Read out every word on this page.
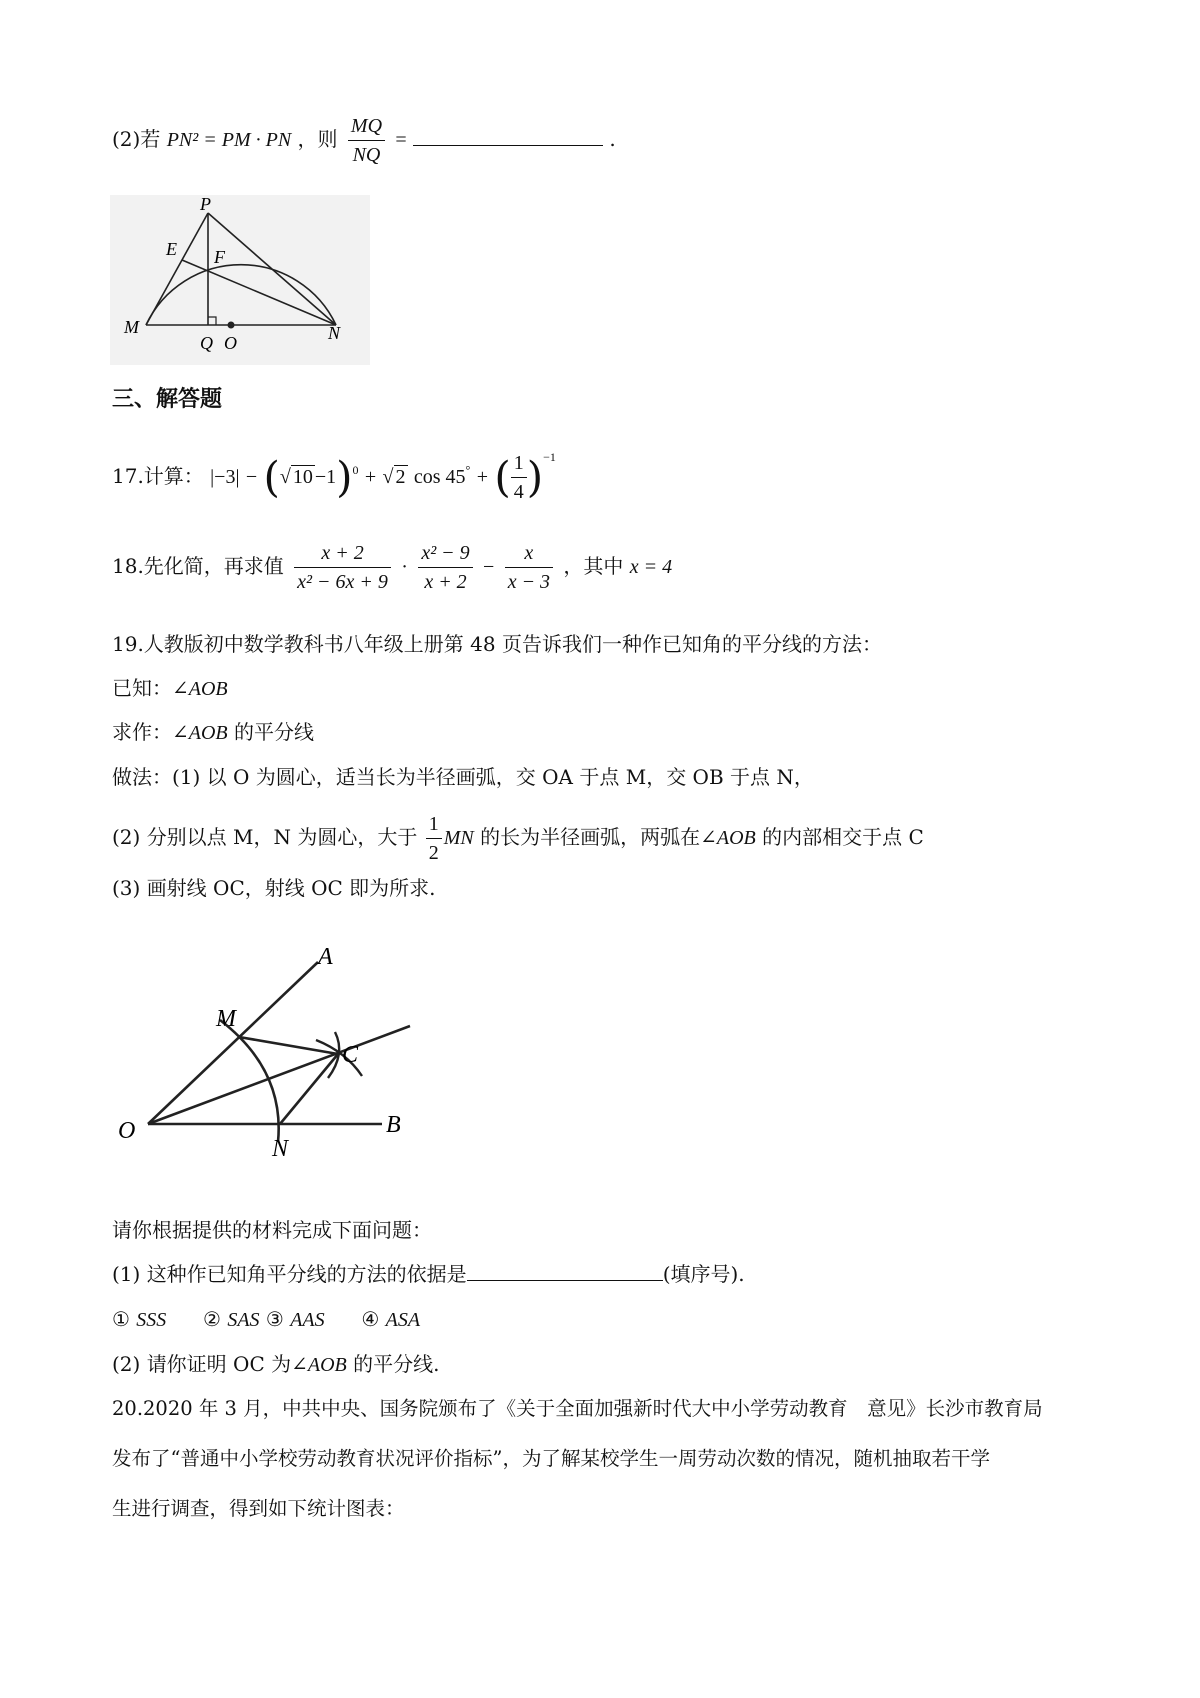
(2)若 PN² = PM · PN ，则 $\frac{MQ}{NQ}$ =	.
P
E F
M
Q O	N
三、解答题
17.计算： |−3| − (√ 10 −1)$^0$ + √ 2 cos 45° + ( $\frac{1}{4} )^{-1}$
18.先化简，再求值 $\frac{x + 2}{\text{x² − 6x + 9}} \cdot \frac{\text{x² − 9}}{x + 2} - \frac{x}{x - 3}$ ，其中 x = 4
19.人教版初中数学教科书八年级上册第 48 页告诉我们一种作已知角的平分线的方法：
已知：∠AOB
求作：∠AOB 的平分线
做法：(1) 以 O 为圆心，适当长为半径画弧，交 OA 于点 M，交 OB 于点 N，
(2) 分别以点 M，N 为圆心，大于 $\frac{1}{2}$ MN 的长为半径画弧，两弧在∠AOB 的内部相交于点 C
(3) 画射线 OC，射线 OC 即为所求.
A
M
C
O
N
B
请你根据提供的材料完成下面问题：
(1) 这种作已知角平分线的方法的依据是	(填序号).
① SSS ② SAS ③ AAS ④ ASA
(2) 请你证明 OC 为∠AOB 的平分线.
20.2020 年 3 月，中共中央、国务院颁布了《关于全面加强新时代大中小学劳动教育　意见》长沙市教育局
发布了“普通中小学校劳动教育状况评价指标”，为了解某校学生一周劳动次数的情况，随机抽取若干学
生进行调查，得到如下统计图表：
